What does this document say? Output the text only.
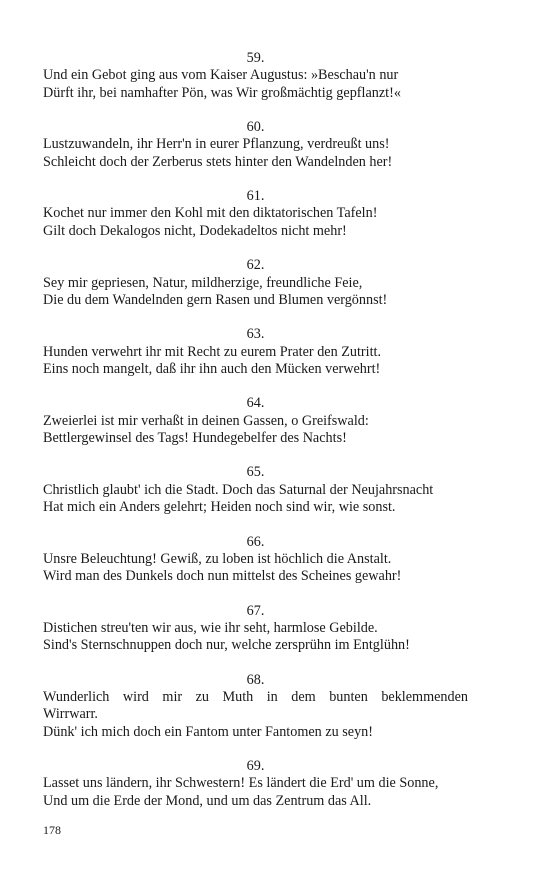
59.
Und ein Gebot ging aus vom Kaiser Augustus: »Beschau'n nur
Dürft ihr, bei namhafter Pön, was Wir großmächtig gepflanzt!«
60.
Lustzuwandeln, ihr Herr'n in eurer Pflanzung, verdreußt uns!
Schleicht doch der Zerberus stets hinter den Wandelnden her!
61.
Kochet nur immer den Kohl mit den diktatorischen Tafeln!
Gilt doch Dekalogos nicht, Dodekadeltos nicht mehr!
62.
Sey mir gepriesen, Natur, mildherzige, freundliche Feie,
Die du dem Wandelnden gern Rasen und Blumen vergönnst!
63.
Hunden verwehrt ihr mit Recht zu eurem Prater den Zutritt.
Eins noch mangelt, daß ihr ihn auch den Mücken verwehrt!
64.
Zweierlei ist mir verhaßt in deinen Gassen, o Greifswald:
Bettlergewinsel des Tags! Hundegebelfer des Nachts!
65.
Christlich glaubt' ich die Stadt. Doch das Saturnal der Neujahrsnacht
Hat mich ein Anders gelehrt; Heiden noch sind wir, wie sonst.
66.
Unsre Beleuchtung! Gewiß, zu loben ist höchlich die Anstalt.
Wird man des Dunkels doch nun mittelst des Scheines gewahr!
67.
Distichen streu'ten wir aus, wie ihr seht, harmlose Gebilde.
Sind's Sternschnuppen doch nur, welche zersprühn im Entglühn!
68.
Wunderlich wird mir zu Muth in dem bunten beklemmenden
Wirrwarr.
Dünk' ich mich doch ein Fantom unter Fantomen zu seyn!
69.
Lasset uns ländern, ihr Schwestern! Es ländert die Erd' um die Sonne,
Und um die Erde der Mond, und um das Zentrum das All.
178
